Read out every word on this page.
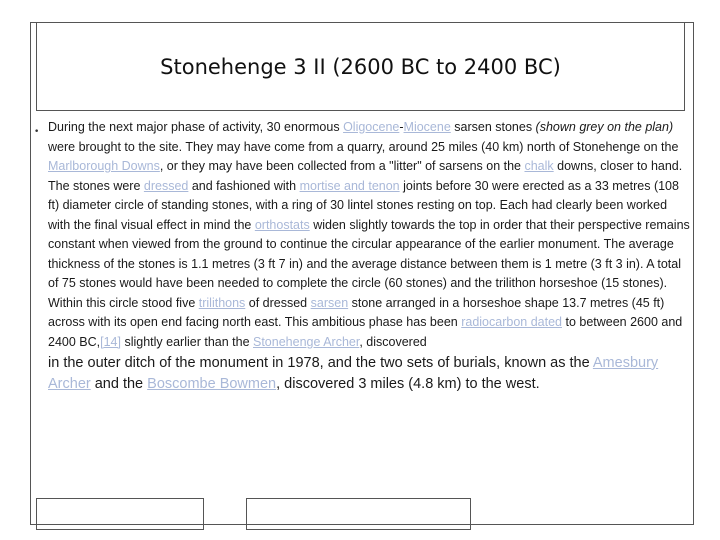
Stonehenge 3 II (2600 BC to 2400 BC)
• During the next major phase of activity, 30 enormous Oligocene-Miocene sarsen stones (shown grey on the plan) were brought to the site. They may have come from a quarry, around 25 miles (40 km) north of Stonehenge on the Marlborough Downs, or they may have been collected from a "litter" of sarsens on the chalk downs, closer to hand. The stones were dressed and fashioned with mortise and tenon joints before 30 were erected as a 33 metres (108 ft) diameter circle of standing stones, with a ring of 30 lintel stones resting on top. Each had clearly been worked with the final visual effect in mind the orthostats widen slightly towards the top in order that their perspective remains constant when viewed from the ground to continue the circular appearance of the earlier monument. The average thickness of the stones is 1.1 metres (3 ft 7 in) and the average distance between them is 1 metre (3 ft 3 in). A total of 75 stones would have been needed to complete the circle (60 stones) and the trilithon horseshoe (15 stones). Within this circle stood five trilithons of dressed sarsen stone arranged in a horseshoe shape 13.7 metres (45 ft) across with its open end facing north east. This ambitious phase has been radiocarbon dated to between 2600 and 2400 BC,[14] slightly earlier than the Stonehenge Archer, discovered
in the outer ditch of the monument in 1978, and the two sets of burials, known as the Amesbury Archer and the Boscombe Bowmen, discovered 3 miles (4.8 km) to the west.
